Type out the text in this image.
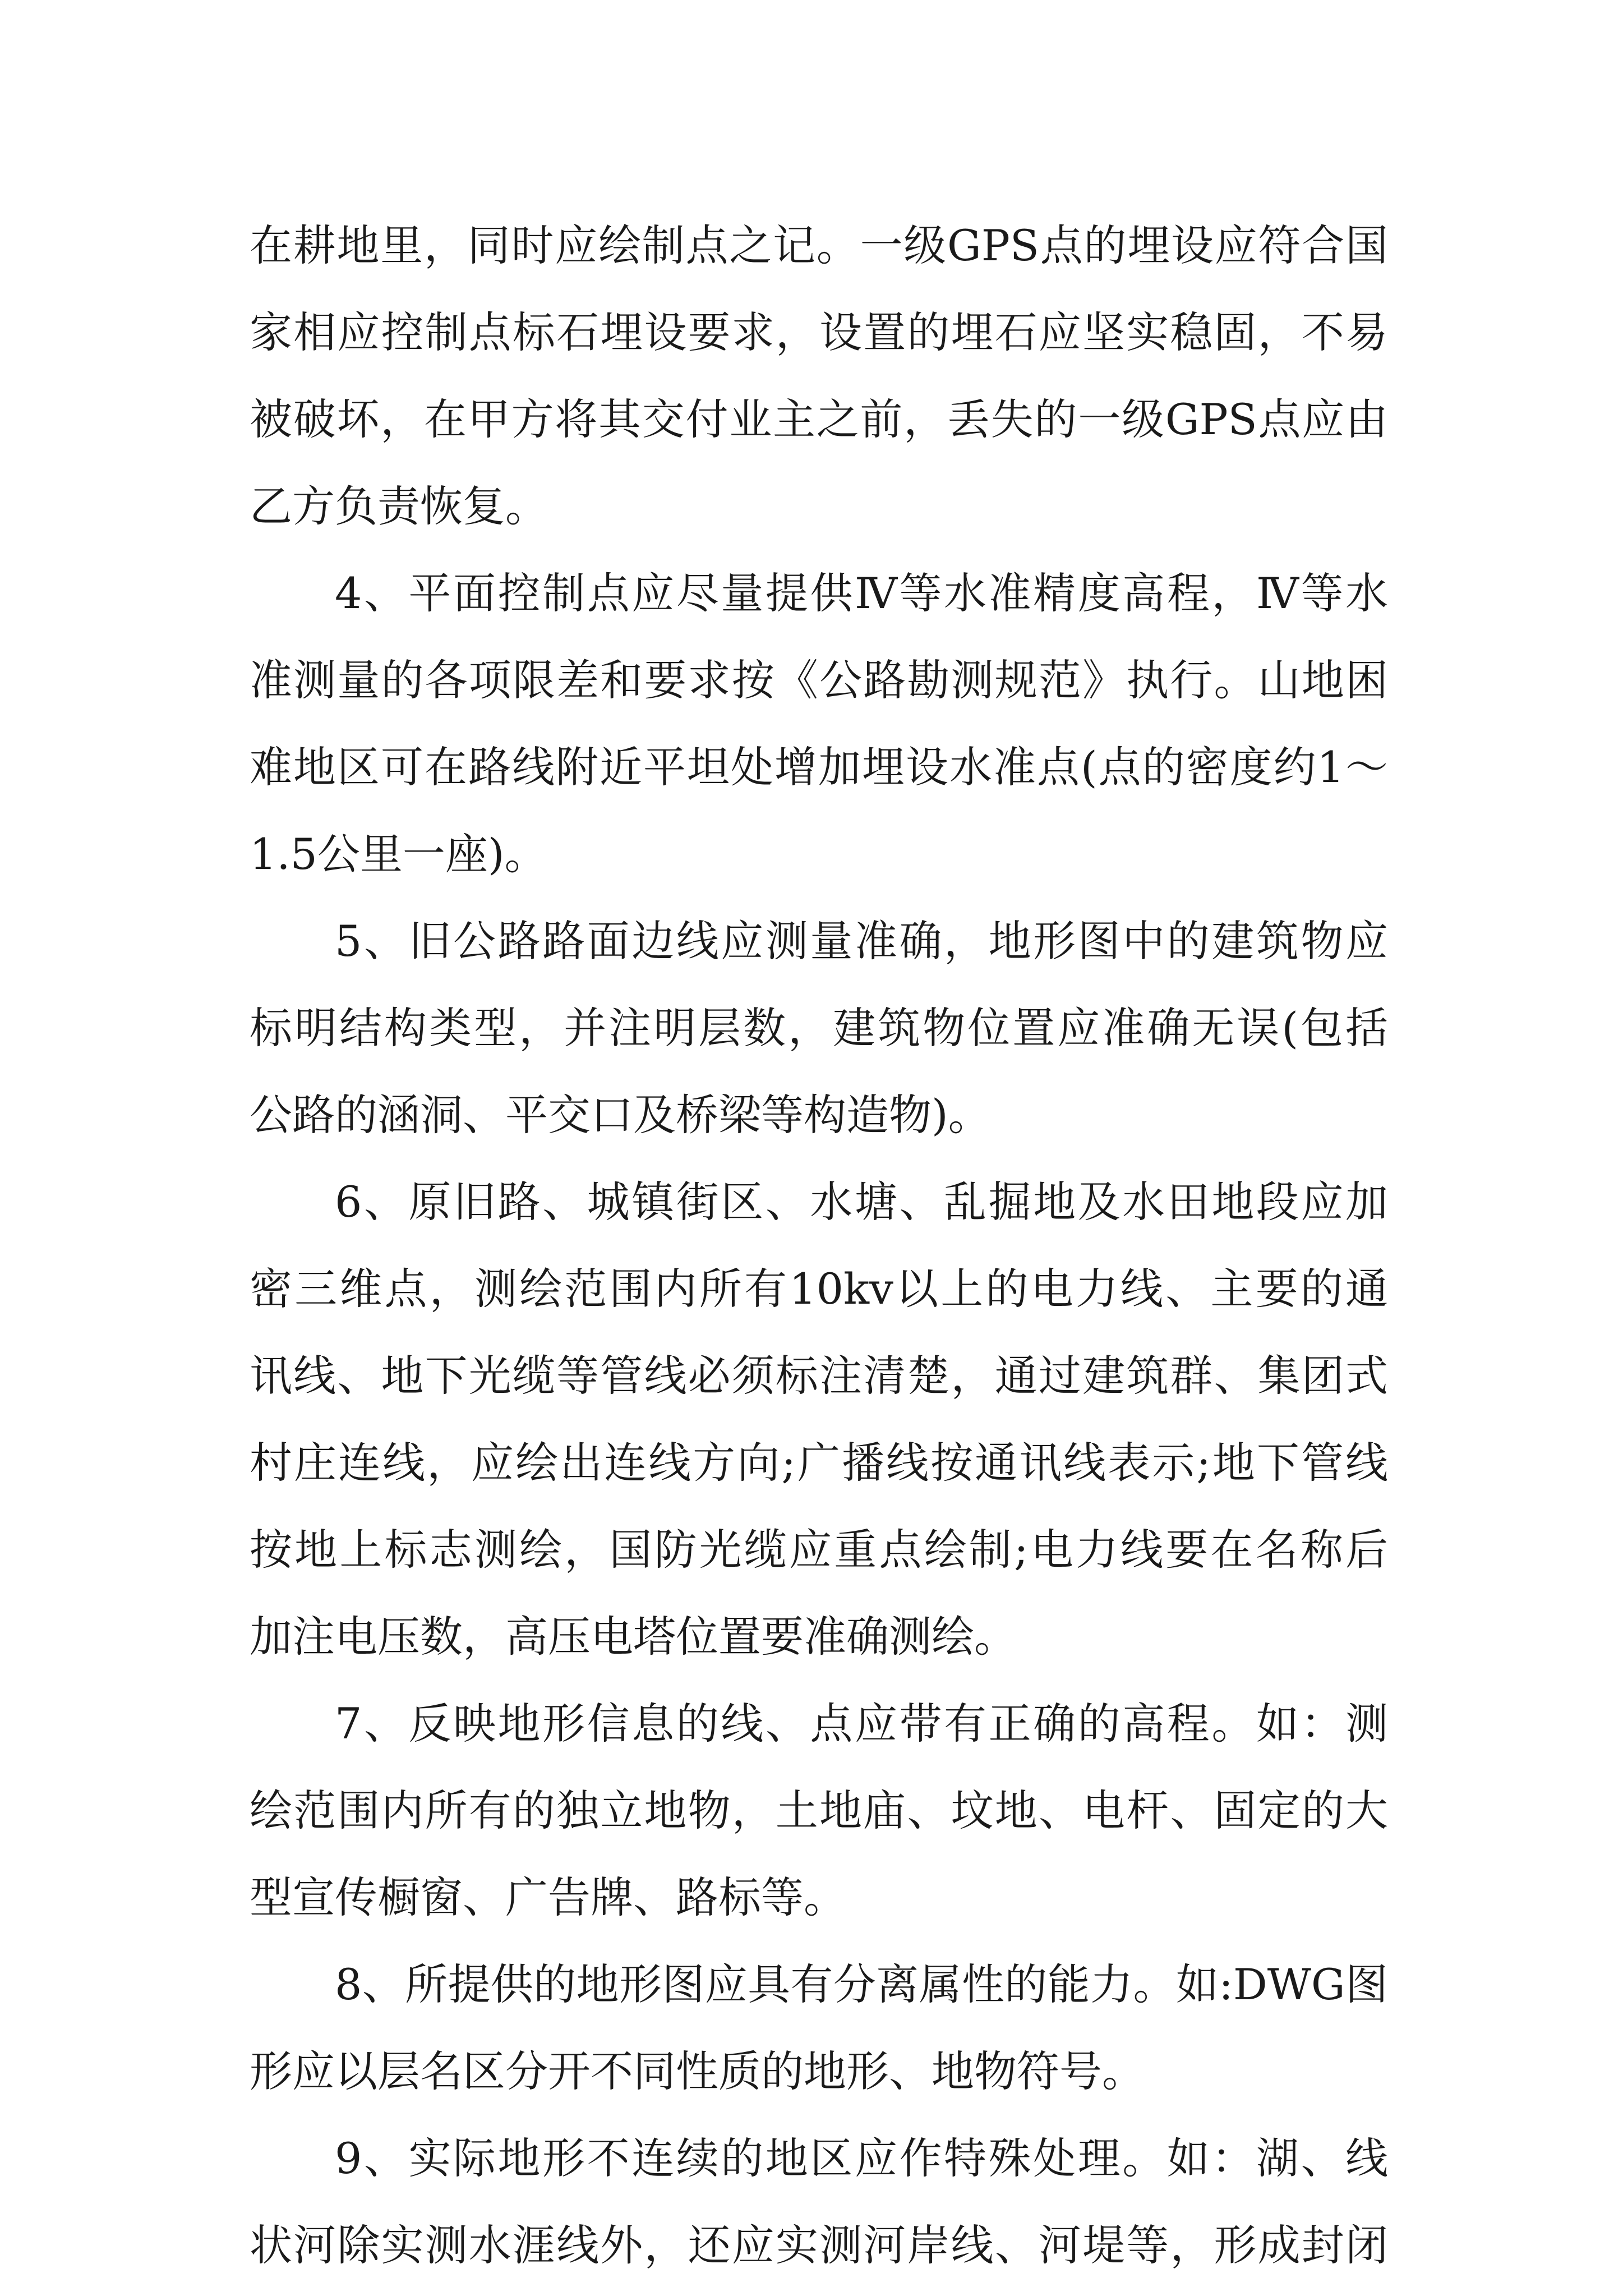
在耕地里，同时应绘制点之记。一级GPS点的埋设应符合国
家相应控制点标石埋设要求，设置的埋石应坚实稳固，不易
被破坏，在甲方将其交付业主之前，丢失的一级GPS点应由
乙方负责恢复。
4、平面控制点应尽量提供Ⅳ等水准精度高程，Ⅳ等水
准测量的各项限差和要求按《公路勘测规范》执行。山地困
难地区可在路线附近平坦处增加埋设水准点(点的密度约1～
1.5公里一座)。
5、旧公路路面边线应测量准确，地形图中的建筑物应
标明结构类型，并注明层数，建筑物位置应准确无误(包括
公路的涵洞、平交口及桥梁等构造物)。
6、原旧路、城镇街区、水塘、乱掘地及水田地段应加
密三维点，测绘范围内所有10kv以上的电力线、主要的通
讯线、地下光缆等管线必须标注清楚，通过建筑群、集团式
村庄连线，应绘出连线方向;广播线按通讯线表示;地下管线
按地上标志测绘，国防光缆应重点绘制;电力线要在名称后
加注电压数，高压电塔位置要准确测绘。
7、反映地形信息的线、点应带有正确的高程。如：测
绘范围内所有的独立地物，土地庙、坟地、电杆、固定的大
型宣传橱窗、广告牌、路标等。
8、所提供的地形图应具有分离属性的能力。如:DWG图
形应以层名区分开不同性质的地形、地物符号。
9、实际地形不连续的地区应作特殊处理。如：湖、线
状河除实测水涯线外，还应实测河岸线、河堤等，形成封闭
